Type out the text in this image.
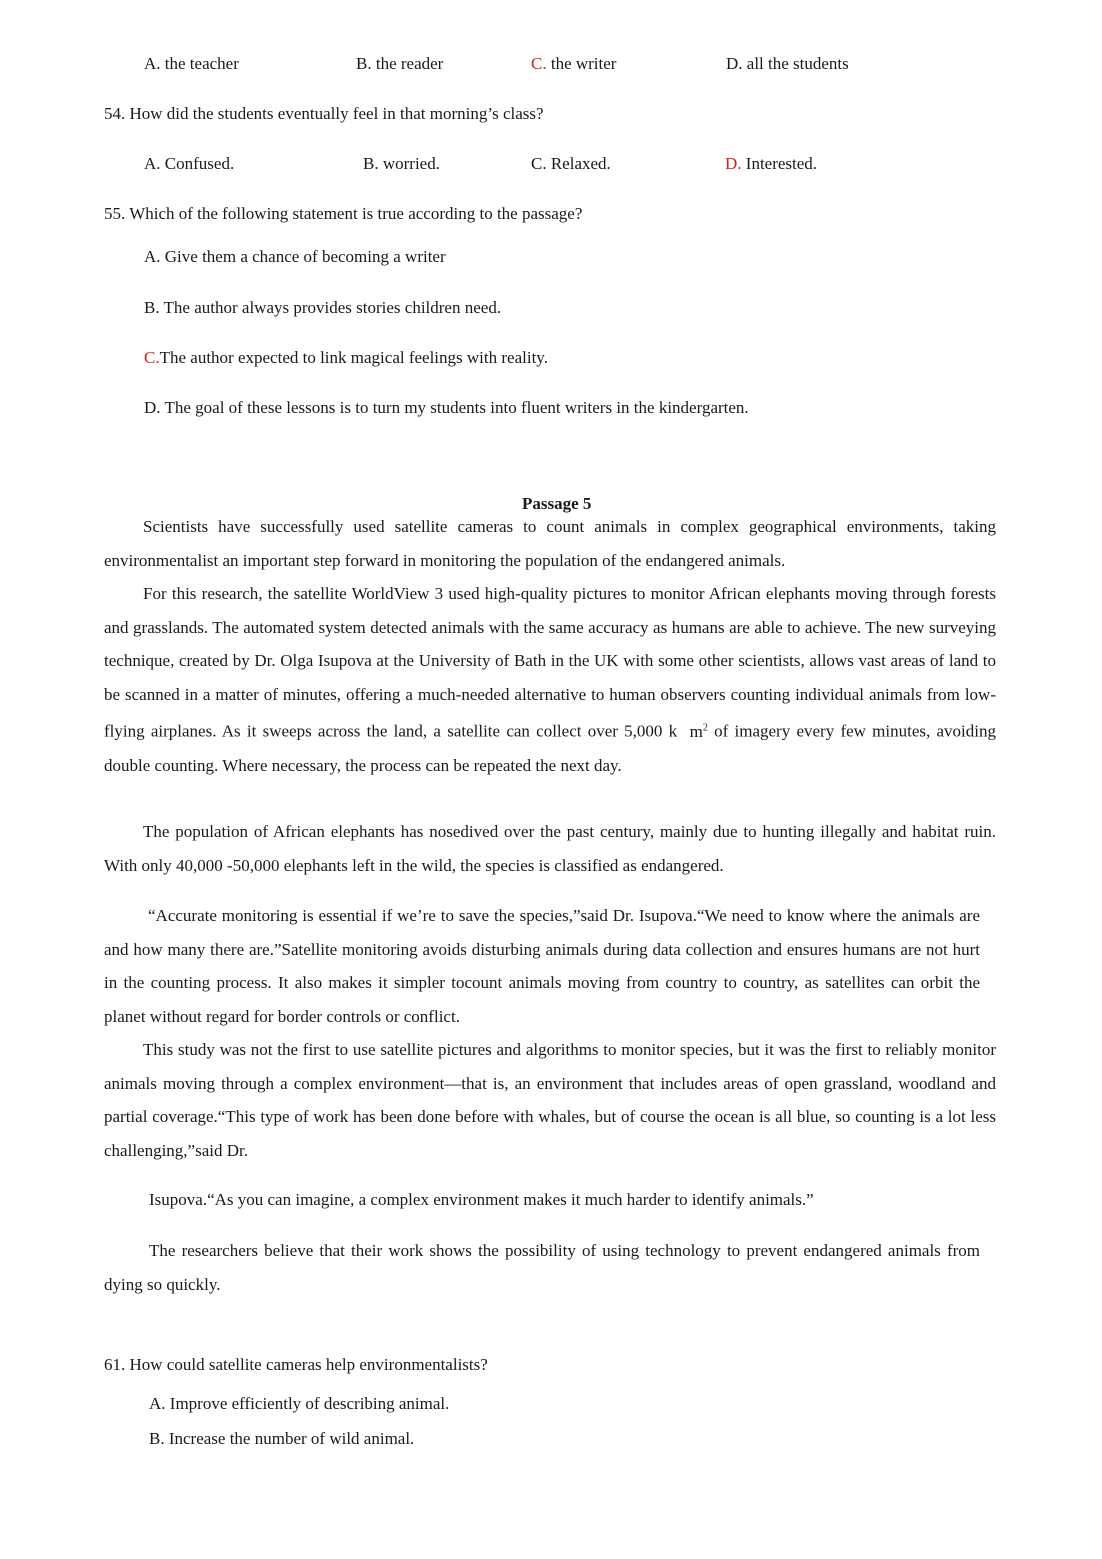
A. the teacher	B. the reader	C. the writer	D. all the students
54. How did the students eventually feel in that morning’s class?
A. Confused.	B. worried.	C. Relaxed.	D. Interested.
55. Which of the following statement is true according to the passage?
A. Give them a chance of becoming a writer
B. The author always provides stories children need.
C.The author expected to link magical feelings with reality.
D. The goal of these lessons is to turn my students into fluent writers in the kindergarten.
Passage 5

Scientists have successfully used satellite cameras to count animals in complex geographical environments, taking environmentalist an important step forward in monitoring the population of the endangered animals.

For this research, the satellite WorldView 3 used high-quality pictures to monitor African elephants moving through forests and grasslands. The automated system detected animals with the same accuracy as humans are able to achieve. The new surveying technique, created by Dr. Olga Isupova at the University of Bath in the UK with some other scientists, allows vast areas of land to be scanned in a matter of minutes, offering a much-needed alternative to human observers counting individual animals from low-flying airplanes. As it sweeps across the land, a satellite can collect over 5,000 k $m^2$ of imagery every few minutes, avoiding double counting. Where necessary, the process can be repeated the next day.

The population of African elephants has nosedived over the past century, mainly due to hunting illegally and habitat ruin. With only 40,000 -50,000 elephants left in the wild, the species is classified as endangered.

“Accurate monitoring is essential if we’re to save the species,”said Dr. Isupova.“We need to know where the animals are and how many there are.”Satellite monitoring avoids disturbing animals during data collection and ensures humans are not hurt in the counting process. It also makes it simpler tocount animals moving from country to country, as satellites can orbit the planet without regard for border controls or conflict.

This study was not the first to use satellite pictures and algorithms to monitor species, but it was the first to reliably monitor animals moving through a complex environment—that is, an environment that includes areas of open grassland, woodland and partial coverage.“This type of work has been done before with whales, but of course the ocean is all blue, so counting is a lot less challenging,”said Dr.

Isupova.“As you can imagine, a complex environment makes it much harder to identify animals.”

The researchers believe that their work shows the possibility of using technology to prevent endangered animals from dying so quickly.

61. How could satellite cameras help environmentalists?
A. Improve efficiently of describing animal.
B. Increase the number of wild animal.
